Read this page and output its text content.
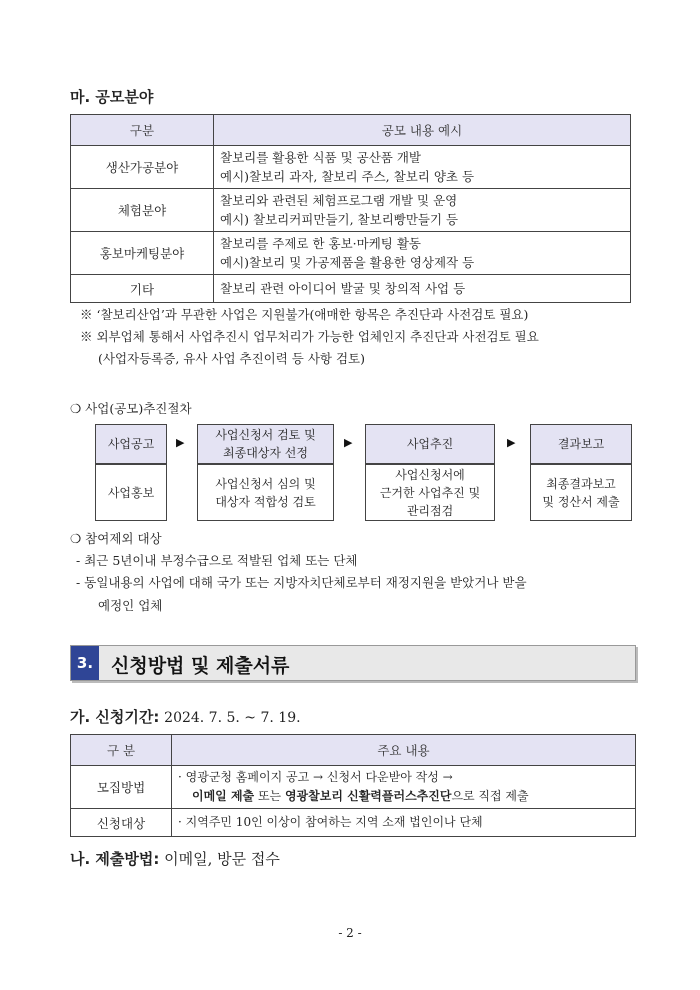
마. 공모분야
구분	공모 내용 예시
생산가공분야	찰보리를 활용한 식품 및 공산품 개발
예시)찰보리 과자, 찰보리 주스, 찰보리 양초 등

체험분야	찰보리와 관련된 체험프로그램 개발 및 운영
예시) 찰보리커피만들기, 찰보리빵만들기 등

홍보마케팅분야	찰보리를 주제로 한 홍보·마케팅 활동
예시)찰보리 및 가공제품을 활용한 영상제작 등

기타	찰보리 관련 아이디어 발굴 및 창의적 사업 등
※ ‘찰보리산업’과 무관한 사업은 지원불가(애매한 항목은 추진단과 사전검토 필요)
※ 외부업체 통해서 사업추진시 업무처리가 가능한 업체인지 추진단과 사전검토 필요
(사업자등록증, 유사 사업 추진이력 등 사항 검토)
❍ 사업(공모)추진절차
사업공고
사업홍보
▶
사업신청서 검토 및
최종대상자 선정
사업신청서 심의 및
대상자 적합성 검토
▶	사업추진
사업신청서에
근거한 사업추진 및
관리점검
▶	결과보고
최종결과보고
및 정산서 제출
❍ 참여제외 대상
- 최근 5년이내 부정수급으로 적발된 업체 또는 단체
- 동일내용의 사업에 대해 국가 또는 지방자치단체로부터 재정지원을 받았거나 받을
예정인 업체
3. 신청방법 및 제출서류
가. 신청기간: 2024. 7. 5. ~ 7. 19.
구 분	주요 내용
모집방법	· 영광군청 홈페이지 공고 → 신청서 다운받아 작성 →
이메일 제출 또는 영광찰보리 신활력플러스추진단으로 직접 제출

신청대상	· 지역주민 10인 이상이 참여하는 지역 소재 법인이나 단체
나. 제출방법: 이메일, 방문 접수
- 2 -
